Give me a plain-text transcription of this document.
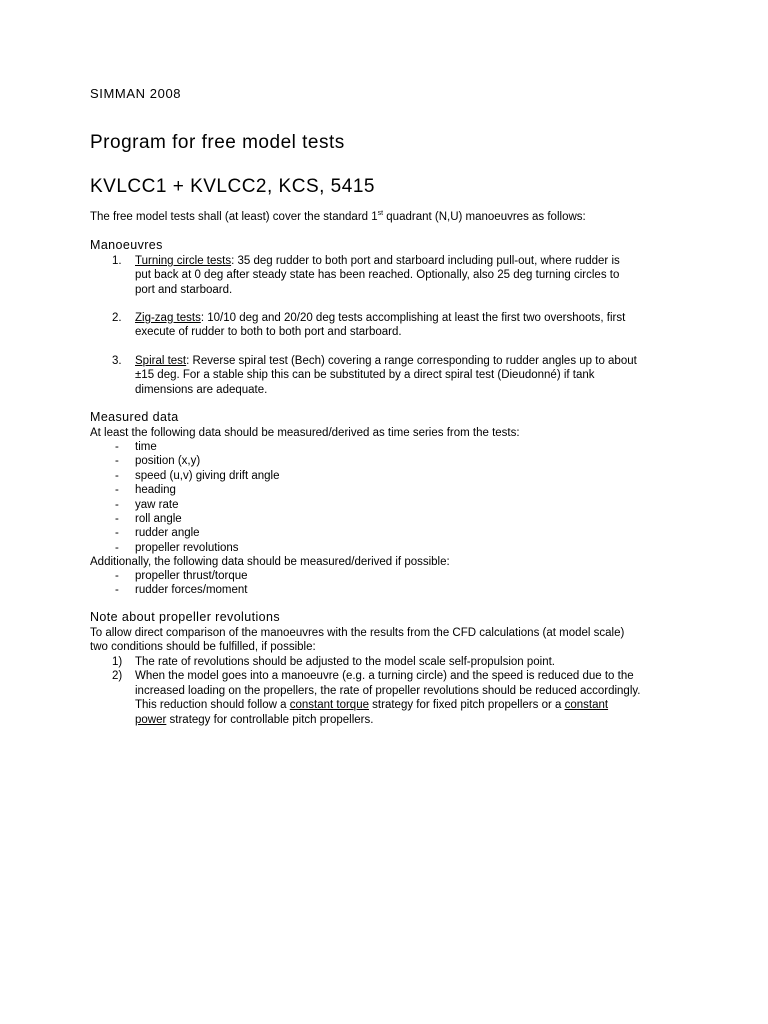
SIMMAN 2008
Program for free model tests
KVLCC1 + KVLCC2, KCS, 5415
The free model tests shall (at least) cover the standard 1st quadrant (N,U) manoeuvres as follows:
Manoeuvres
1. Turning circle tests: 35 deg rudder to both port and starboard including pull-out, where rudder is
put back at 0 deg after steady state has been reached. Optionally, also 25 deg turning circles to
port and starboard.
2. Zig-zag tests: 10/10 deg and 20/20 deg tests accomplishing at least the first two overshoots, first
execute of rudder to both to both port and starboard.
3. Spiral test: Reverse spiral test (Bech) covering a range corresponding to rudder angles up to about
±15 deg. For a stable ship this can be substituted by a direct spiral test (Dieudonné) if tank
dimensions are adequate.
Measured data
At least the following data should be measured/derived as time series from the tests:
- time
- position (x,y)
- speed (u,v) giving drift angle
- heading
- yaw rate
- roll angle
- rudder angle
- propeller revolutions
Additionally, the following data should be measured/derived if possible:
- propeller thrust/torque
- rudder forces/moment
Note about propeller revolutions
To allow direct comparison of the manoeuvres with the results from the CFD calculations (at model scale)
two conditions should be fulfilled, if possible:
1) The rate of revolutions should be adjusted to the model scale self-propulsion point.
2) When the model goes into a manoeuvre (e.g. a turning circle) and the speed is reduced due to the
increased loading on the propellers, the rate of propeller revolutions should be reduced accordingly.
This reduction should follow a constant torque strategy for fixed pitch propellers or a constant
power strategy for controllable pitch propellers.
